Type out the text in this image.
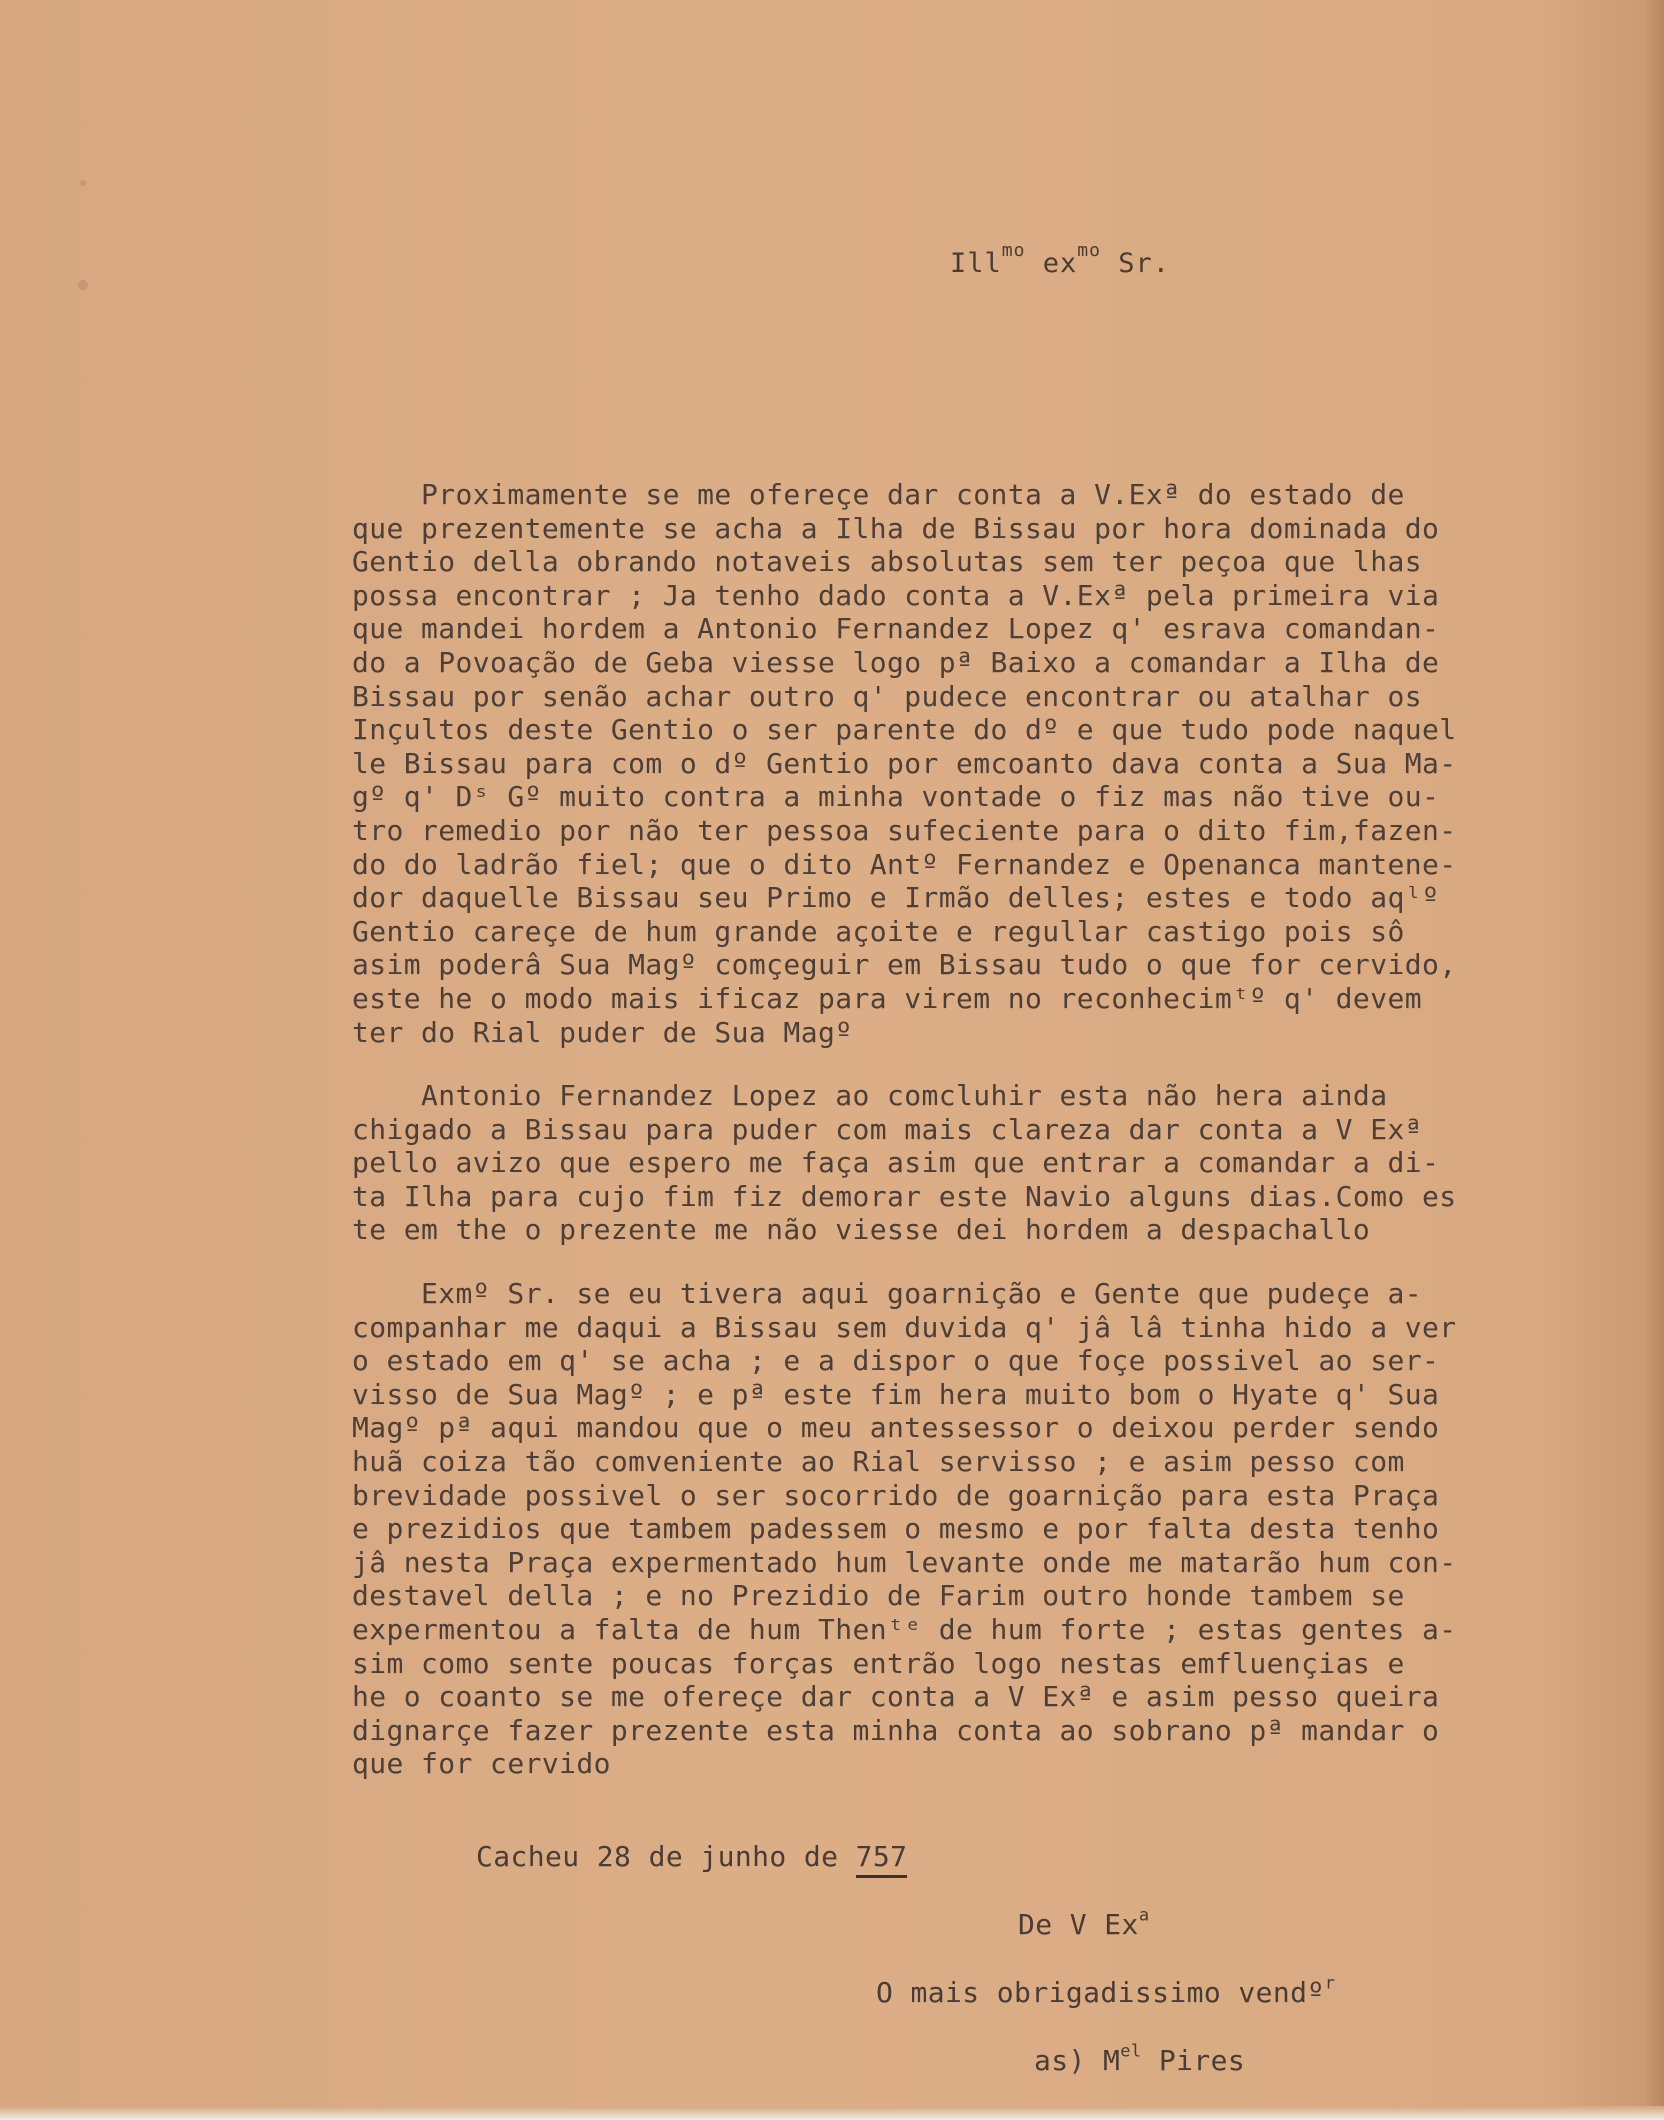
Ill$^{mo}$ $ex^{mo}$ Sr.
Proximamente se me ofereçe dar conta a V.Exª do estado de
que prezentemente se acha a Ilha de Bissau por hora dominada do
Gentio della obrando notaveis absolutas sem ter peçoa que lhas
possa encontrar ; Ja tenho dado conta a V.Exª pela primeira via
que mandei hordem a Antonio Fernandez Lopez q' esrava comandan-
do a Povoação de Geba viesse logo pª Baixo a comandar a Ilha de
Bissau por senão achar outro q' pudece encontrar ou atalhar os
Inçultos deste Gentio o ser parente do dº e que tudo pode naquel
le Bissau para com o dº Gentio por emcoanto dava conta a Sua Ma-
gº q' Dˢ Gº muito contra a minha vontade o fiz mas não tive ou-
tro remedio por não ter pessoa sufeciente para o dito fim,fazen-
do do ladrão fiel; que o dito Antº Fernandez e Openanca mantene-
dor daquelle Bissau seu Primo e Irmão delles; estes e todo aqˡº
Gentio careçe de hum grande açoite e regullar castigo pois sô
asim poderâ Sua Magº comçeguir em Bissau tudo o que for cervido,
este he o modo mais ificaz para virem no reconhecimᵗº q' devem
ter do Rial puder de Sua Magº
Antonio Fernandez Lopez ao comcluhir esta não hera ainda
chigado a Bissau para puder com mais clareza dar conta a V Exª
pello avizo que espero me faça asim que entrar a comandar a di-
ta Ilha para cujo fim fiz demorar este Navio alguns dias.Como es
te em the o prezente me não viesse dei hordem a despachallo
Exmº Sr. se eu tivera aqui goarnição e Gente que pudeçe a-
companhar me daqui a Bissau sem duvida q' jâ lâ tinha hido a ver
o estado em q' se acha ; e a dispor o que foçe possivel ao ser-
visso de Sua Magº ; e pª este fim hera muito bom o Hyate q' Sua
Magº pª aqui mandou que o meu antessessor o deixou perder sendo
huã coiza tão comveniente ao Rial servisso ; e asim pesso com
brevidade possivel o ser socorrido de goarnição para esta Praça
e prezidios que tambem padessem o mesmo e por falta desta tenho
jâ nesta Praça expermentado hum levante onde me matarão hum con-
destavel della ; e no Prezidio de Farim outro honde tambem se
expermentou a falta de hum Thenᵗᵉ de hum forte ; estas gentes a-
sim como sente poucas forças entrão logo nestas emfluençias e
he o coanto se me ofereçe dar conta a V Exª e asim pesso queira
dignarçe fazer prezente esta minha conta ao sobrano pª mandar o
que for cervido
Cacheu 28 de junho de 757
De V Ex$^a$
O mais obrigadissimo vendº$^r$
as) $M^{el}$ Pires
